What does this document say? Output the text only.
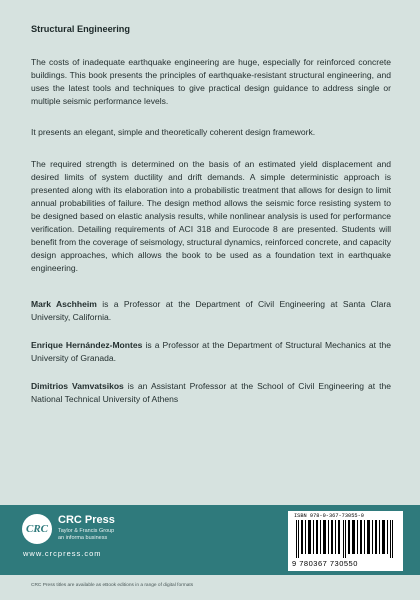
Structural Engineering

The costs of inadequate earthquake engineering are huge, especially for reinforced concrete buildings. This book presents the principles of earthquake-resistant structural engineering, and uses the latest tools and techniques to give practical design guidance to address single or multiple seismic performance levels.

It presents an elegant, simple and theoretically coherent design framework.

The required strength is determined on the basis of an estimated yield displacement and desired limits of system ductility and drift demands. A simple deterministic approach is presented along with its elaboration into a probabilistic treatment that allows for design to limit annual probabilities of failure. The design method allows the seismic force resisting system to be designed based on elastic analysis results, while nonlinear analysis is used for performance verification. Detailing requirements of ACI 318 and Eurocode 8 are presented. Students will benefit from the coverage of seismology, structural dynamics, reinforced concrete, and capacity design approaches, which allows the book to be used as a foundation text in earthquake engineering.

Mark Aschheim is a Professor at the Department of Civil Engineering at Santa Clara University, California.

Enrique Hernández-Montes is a Professor at the Department of Structural Mechanics at the University of Granada.

Dimitrios Vamvatsikos is an Assistant Professor at the School of Civil Engineering at the National Technical University of Athens

CRC
CRC Press
Taylor & Francis Group
an informa business
www.crcpress.com
ISBN 978-0-367-73055-0
9 780367 730550
CRC Press titles are available as eBook editions in a range of digital formats
